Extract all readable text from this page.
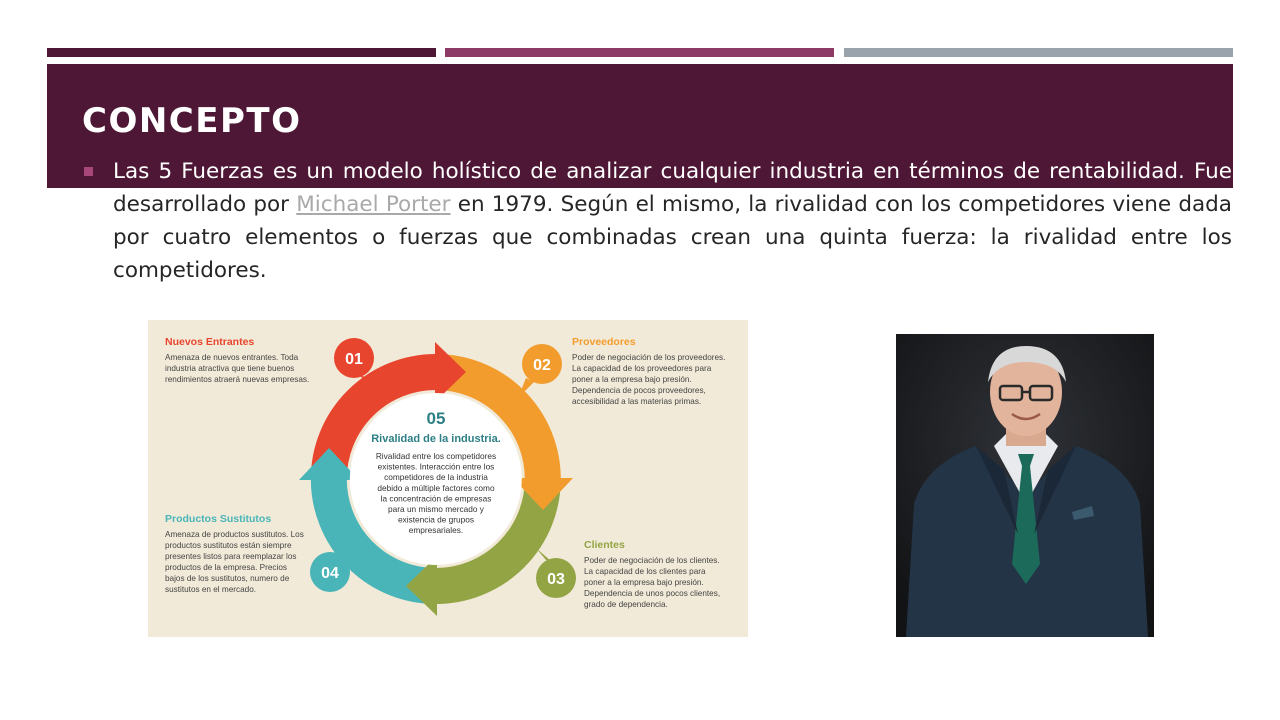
CONCEPTO

Las 5 Fuerzas es un modelo holístico de analizar cualquier industria en términos de rentabilidad. Fue desarrollado por Michael Porter en 1979. Según el mismo, la rivalidad con los competidores viene dada por cuatro elementos o fuerzas que combinadas crean una quinta fuerza: la rivalidad entre los competidores.

05
Rivalidad de la industria.
Rivalidad entre los competidores
existentes. Interacción entre los
competidores de la industria
debido a múltiple factores como
la concentración de empresas
para un mismo mercado y
existencia de grupos
empresariales.
01	02
03
04
Nuevos Entrantes
Amenaza de nuevos entrantes. Toda
industria atractiva que tiene buenos
rendimientos atraerá nuevas empresas.
Proveedores
Poder de negociación de los proveedores.
La capacidad de los proveedores para
poner a la empresa bajo presión.
Dependencia de pocos proveedores,
accesibilidad a las materias primas.
Clientes
Poder de negociación de los clientes.
La capacidad de los clientes para
poner a la empresa bajo presión.
Dependencia de unos pocos clientes,
grado de dependencia.
Productos Sustitutos
Amenaza de productos sustitutos. Los
productos sustitutos están siempre
presentes listos para reemplazar los
productos de la empresa. Precios
bajos de los sustitutos, numero de
sustitutos en el mercado.
